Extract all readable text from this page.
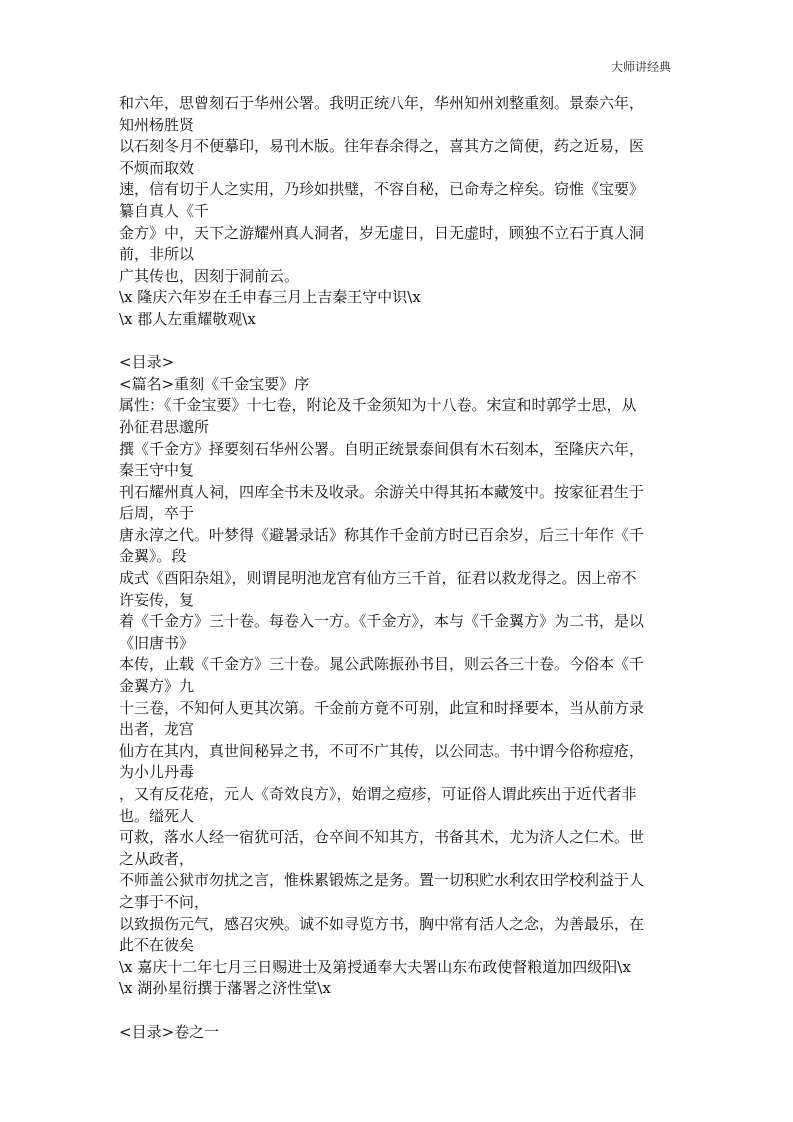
大师讲经典
和六年，思曾刻石于华州公署。我明正统八年，华州知州刘整重刻。景泰六年，
知州杨胜贤
以石刻冬月不便摹印，易刊木版。往年春余得之，喜其方之简便，药之近易，医
不烦而取效
速，信有切于人之实用，乃珍如拱璧，不容自秘，已命寿之梓矣。窃惟《宝要》
纂自真人《千
金方》中，天下之游耀州真人洞者，岁无虚日，日无虚时，顾独不立石于真人洞
前，非所以
广其传也，因刻于洞前云。
\x 隆庆六年岁在壬申春三月上吉秦王守中识\x
\x 郡人左重耀敬观\x
<目录>
<篇名>重刻《千金宝要》序
属性：《千金宝要》十七卷，附论及千金须知为十八卷。宋宣和时郭学士思，从
孙征君思邈所
撰《千金方》择要刻石华州公署。自明正统景泰间俱有木石刻本，至隆庆六年，
秦王守中复
刊石耀州真人祠，四库全书未及收录。余游关中得其拓本藏笈中。按家征君生于
后周，卒于
唐永淳之代。叶梦得《避暑录话》称其作千金前方时已百余岁，后三十年作《千
金翼》。段
成式《酉阳杂俎》，则谓昆明池龙宫有仙方三千首，征君以救龙得之。因上帝不
许妄传，复
着《千金方》三十卷。每卷入一方。《千金方》，本与《千金翼方》为二书，是以
《旧唐书》
本传，止载《千金方》三十卷。晁公武陈振孙书目，则云各三十卷。今俗本《千
金翼方》九
十三卷，不知何人更其次第。千金前方竟不可别，此宣和时择要本，当从前方录
出者，龙宫
仙方在其内，真世间秘异之书，不可不广其传，以公同志。书中谓今俗称痘疮，
为小儿丹毒
，又有反花疮，元人《奇效良方》，始谓之痘疹，可证俗人谓此疾出于近代者非
也。缢死人
可救，落水人经一宿犹可活，仓卒间不知其方，书备其术，尤为济人之仁术。世
之从政者，
不师盖公狱市勿扰之言，惟株累锻炼之是务。置一切积贮水利农田学校利益于人
之事于不问，
以致损伤元气，感召灾殃。诚不如寻览方书，胸中常有活人之念，为善最乐，在
此不在彼矣
\x 嘉庆十二年七月三日赐进士及第授通奉大夫署山东布政使督粮道加四级阳\x
\x 湖孙星衍撰于藩署之济性堂\x
<目录>卷之一
